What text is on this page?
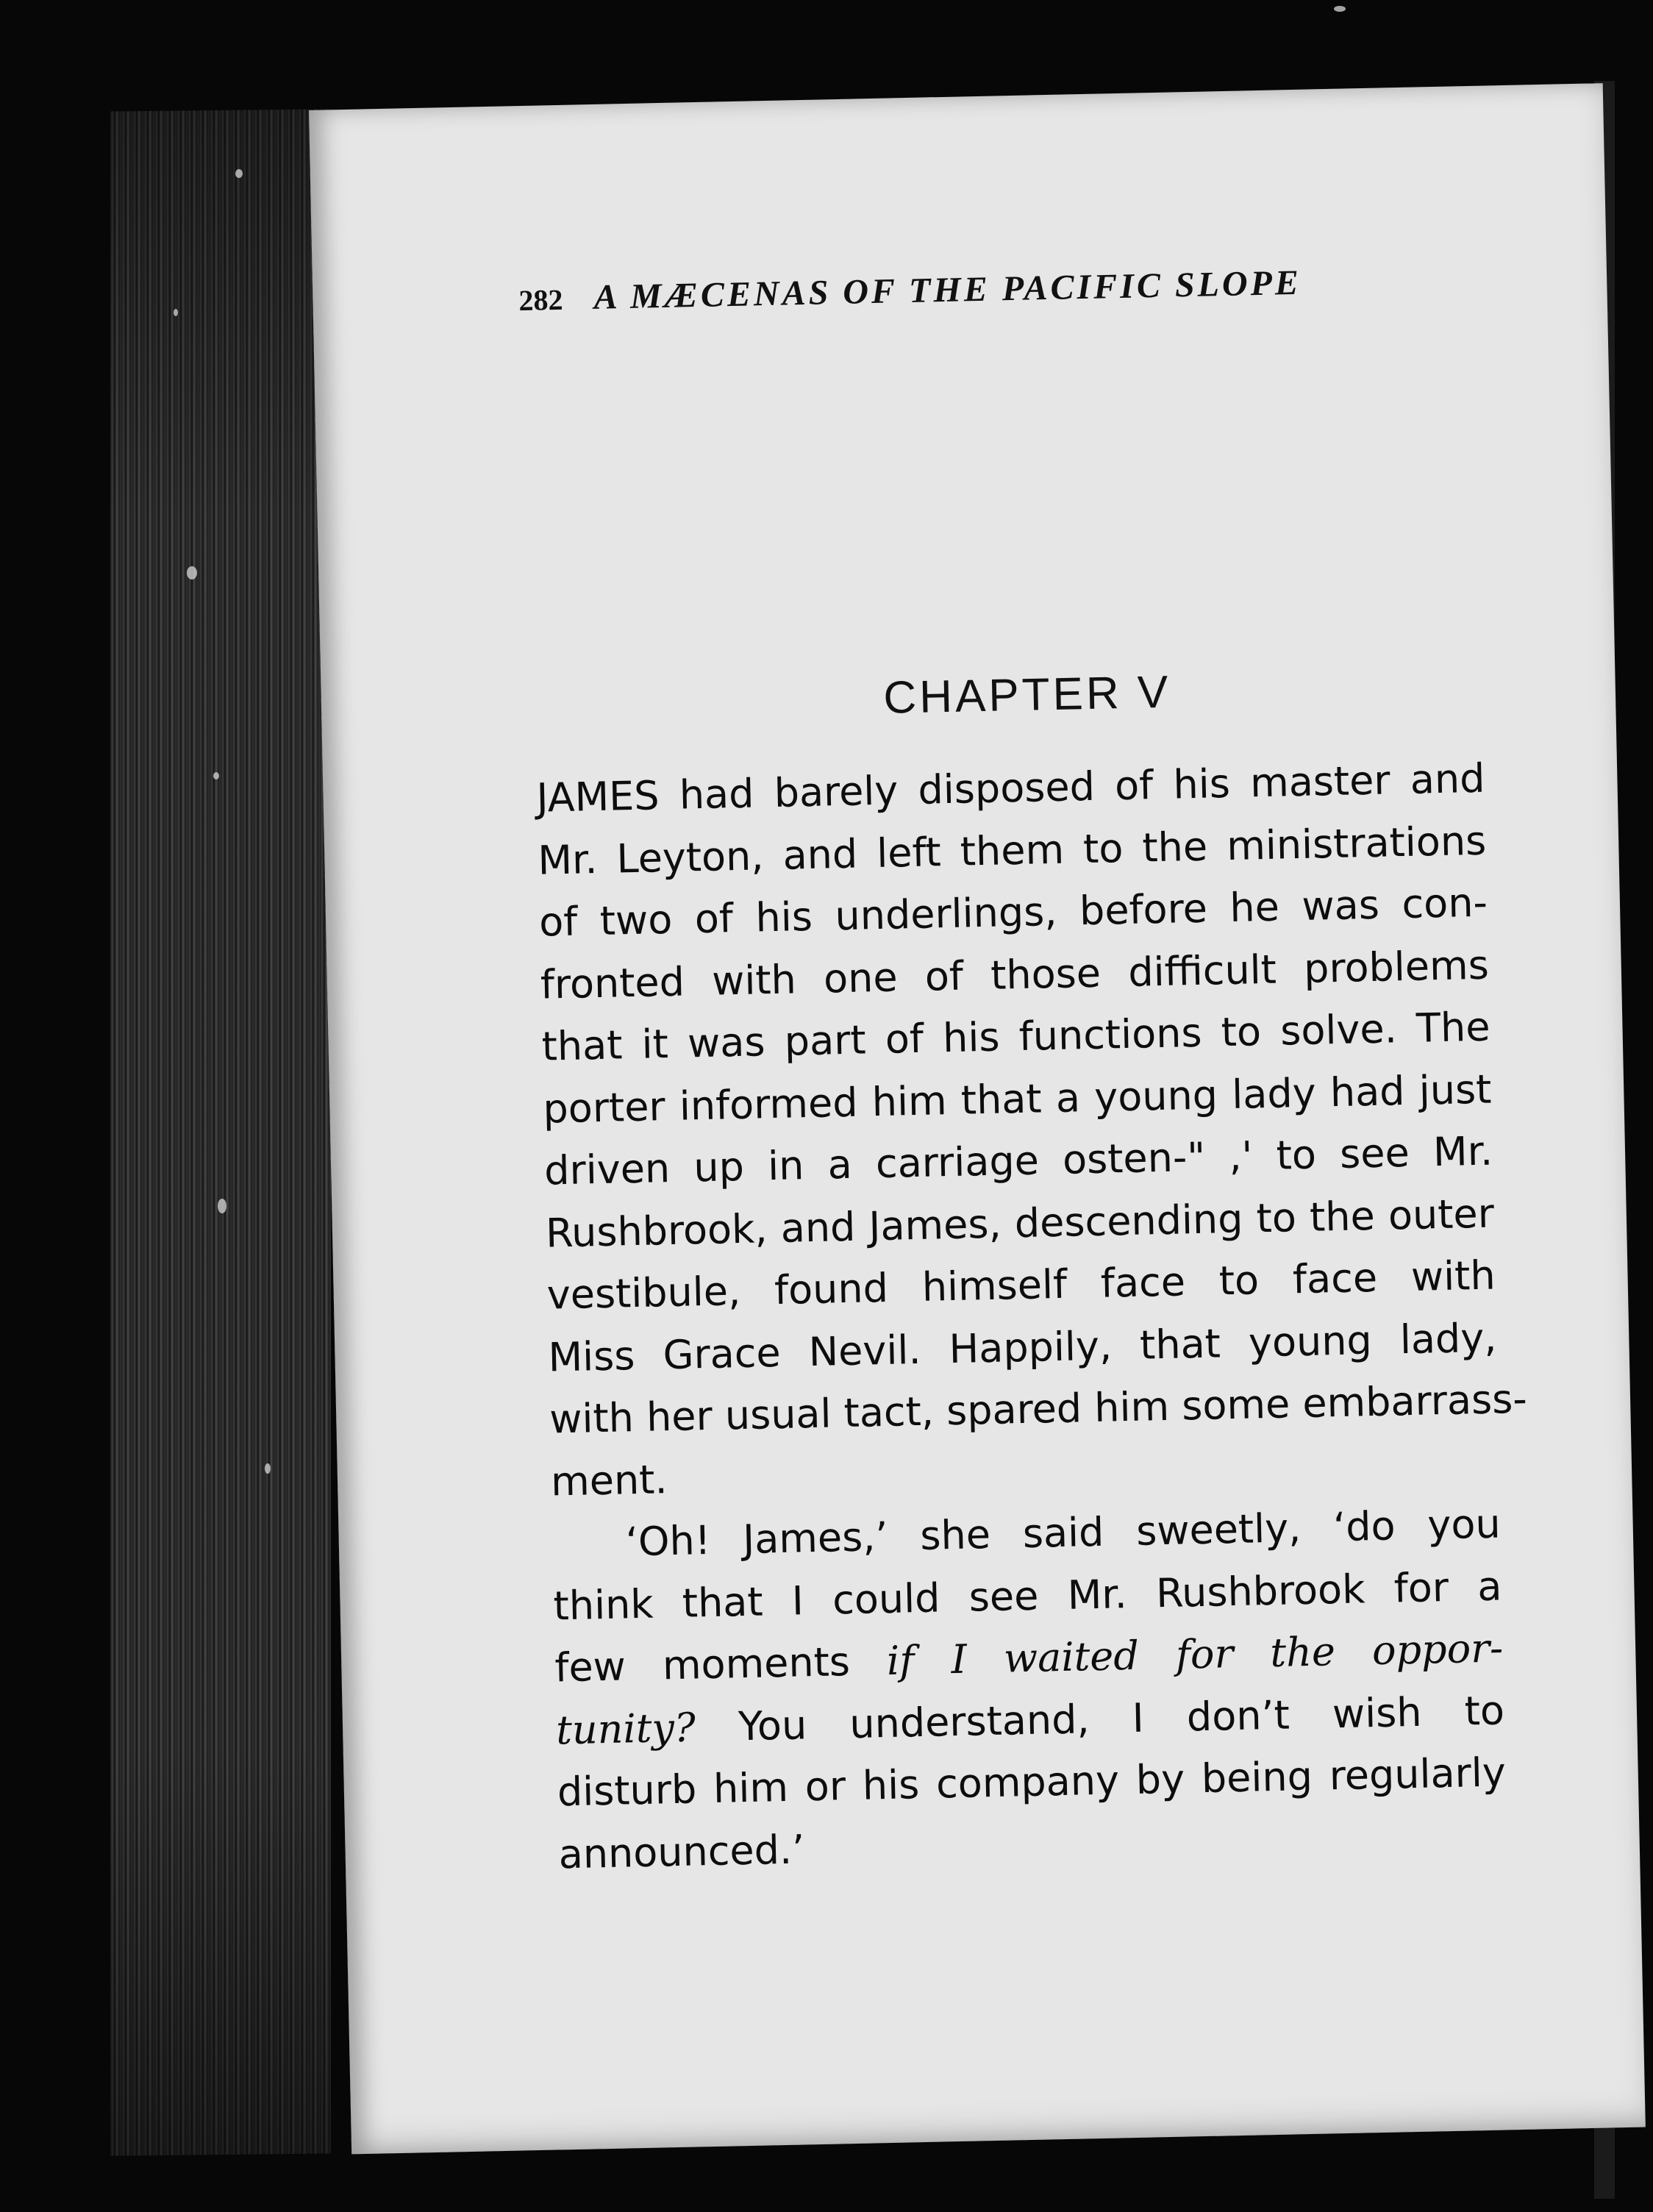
282 A MÆCENAS OF THE PACIFIC SLOPE
CHAPTER V
JAMES had barely disposed of his master and
Mr. Leyton, and left them to the ministrations
of two of his underlings, before he was con-
fronted with one of those difficult problems
that it was part of his functions to solve. The
porter informed him that a young lady had just
driven up in a carriage osten-" ,' to see Mr.
Rushbrook, and James, descending to the outer
vestibule, found himself face to face with
Miss Grace Nevil. Happily, that young lady,
with her usual tact, spared him some embarrass-
ment.
‘Oh! James,’ she said sweetly, ‘do you
think that I could see Mr. Rushbrook for a
few moments if I waited for the oppor-
tunity? You understand, I don’t wish to
disturb him or his company by being regularly
announced.’
